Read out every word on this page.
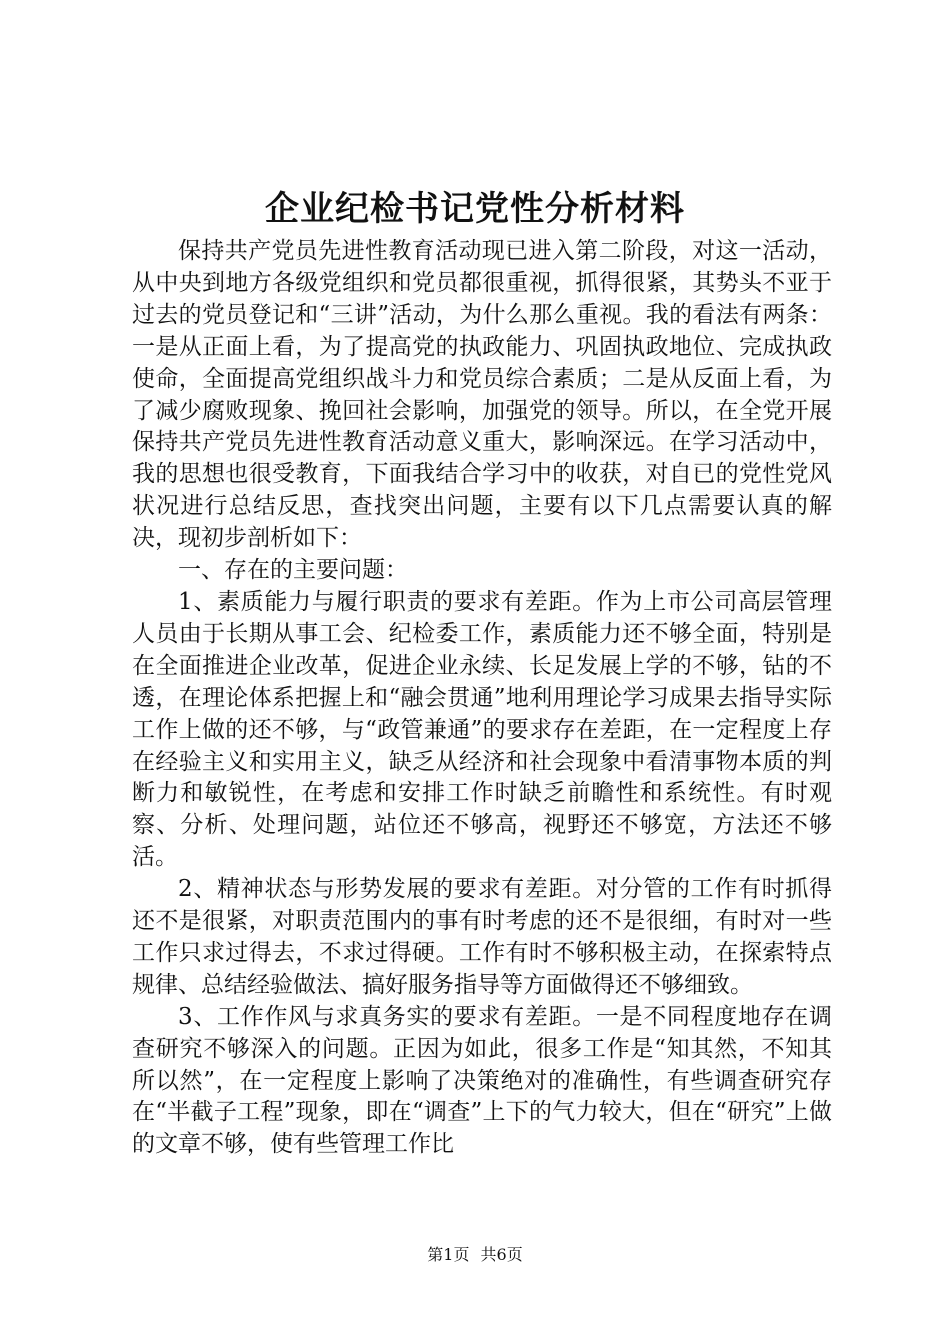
企业纪检书记党性分析材料

保持共产党员先进性教育活动现已进入第二阶段，对这一活动，从中央到地方各级党组织和党员都很重视，抓得很紧，其势头不亚于过去的党员登记和“三讲”活动，为什么那么重视。我的看法有两条：一是从正面上看，为了提高党的执政能力、巩固执政地位、完成执政使命，全面提高党组织战斗力和党员综合素质；二是从反面上看，为了减少腐败现象、挽回社会影响，加强党的领导。所以，在全党开展保持共产党员先进性教育活动意义重大，影响深远。在学习活动中，我的思想也很受教育，下面我结合学习中的收获，对自已的党性党风状况进行总结反思，查找突出问题，主要有以下几点需要认真的解决，现初步剖析如下：

一、存在的主要问题：

1、素质能力与履行职责的要求有差距。作为上市公司高层管理人员由于长期从事工会、纪检委工作，素质能力还不够全面，特别是在全面推进企业改革，促进企业永续、长足发展上学的不够，钻的不透，在理论体系把握上和“融会贯通”地利用理论学习成果去指导实际工作上做的还不够，与“政管兼通”的要求存在差距，在一定程度上存在经验主义和实用主义，缺乏从经济和社会现象中看清事物本质的判断力和敏锐性，在考虑和安排工作时缺乏前瞻性和系统性。有时观察、分析、处理问题，站位还不够高，视野还不够宽，方法还不够活。

2、精神状态与形势发展的要求有差距。对分管的工作有时抓得还不是很紧，对职责范围内的事有时考虑的还不是很细，有时对一些工作只求过得去，不求过得硬。工作有时不够积极主动，在探索特点规律、总结经验做法、搞好服务指导等方面做得还不够细致。

3、工作作风与求真务实的要求有差距。一是不同程度地存在调查研究不够深入的问题。正因为如此，很多工作是“知其然，不知其所以然”，在一定程度上影响了决策绝对的准确性，有些调查研究存在“半截子工程”现象，即在“调查”上下的气力较大，但在“研究”上做的文章不够，使有些管理工作比

第1页 共6页
